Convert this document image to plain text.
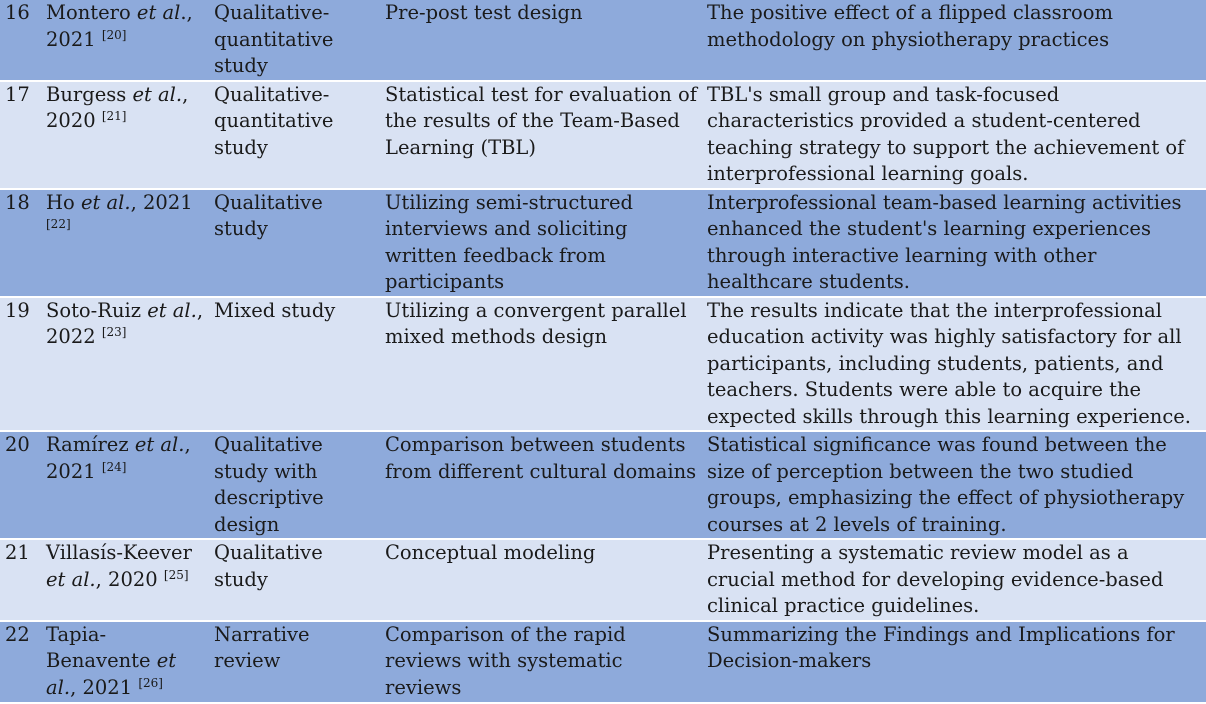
16	Montero et al., 2021 [20]	Qualitative-quantitative study	Pre-post test design	The positive effect of a flipped classroom methodology on physiotherapy practices
17	Burgess et al., 2020 [21]	Qualitative-quantitative study	Statistical test for evaluation of the results of the Team-Based Learning (TBL)	TBL's small group and task-focused characteristics provided a student-centered teaching strategy to support the achievement of interprofessional learning goals.
18	Ho et al., 2021 [22]	Qualitative study	Utilizing semi-structured interviews and soliciting written feedback from participants	Interprofessional team-based learning activities enhanced the student's learning experiences through interactive learning with other healthcare students.
19	Soto-Ruiz et al., 2022 [23]	Mixed study	Utilizing a convergent parallel mixed methods design	The results indicate that the interprofessional education activity was highly satisfactory for all participants, including students, patients, and teachers. Students were able to acquire the expected skills through this learning experience.
20	Ramírez et al., 2021 [24]	Qualitative study with descriptive design	Comparison between students from different cultural domains	Statistical significance was found between the size of perception between the two studied groups, emphasizing the effect of physiotherapy courses at 2 levels of training.
21	Villasís-Keever et al., 2020 [25]	Qualitative study	Conceptual modeling	Presenting a systematic review model as a crucial method for developing evidence-based clinical practice guidelines.
22	Tapia-Benavente et al., 2021 [26]	Narrative review	Comparison of the rapid reviews with systematic reviews	Summarizing the Findings and Implications for Decision-makers
